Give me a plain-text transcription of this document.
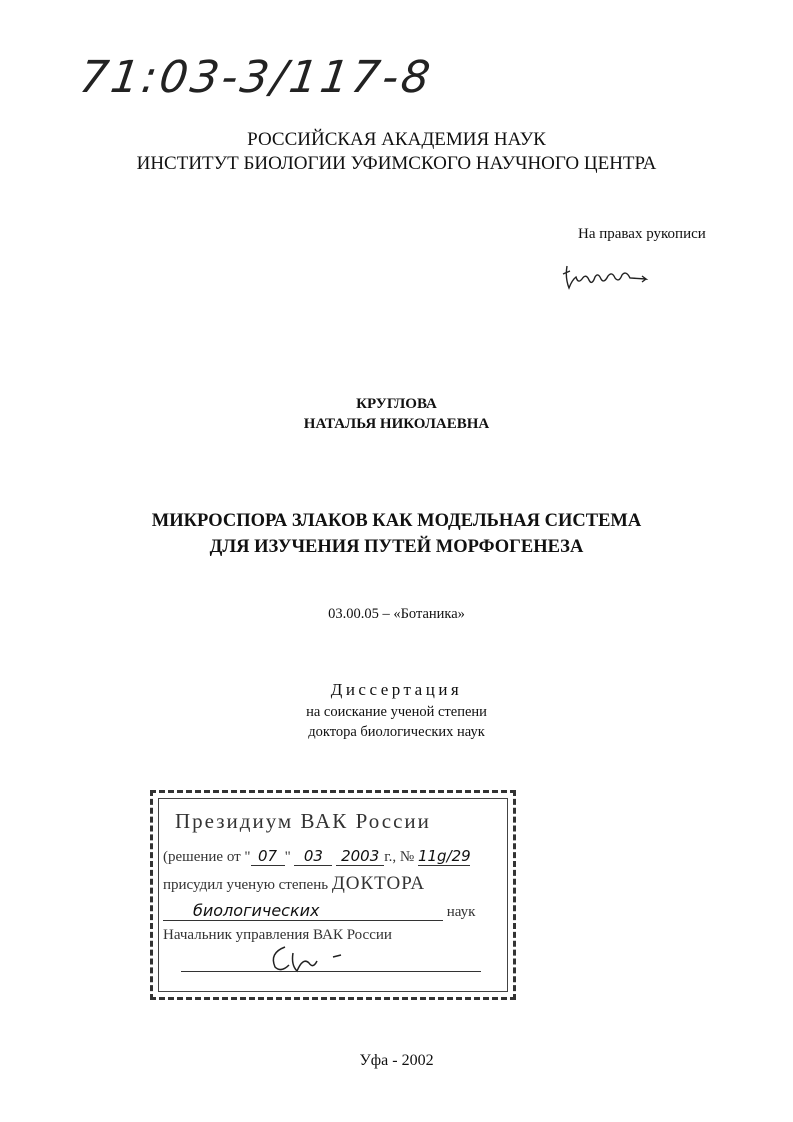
71:03-3/117-8
РОССИЙСКАЯ АКАДЕМИЯ НАУК
ИНСТИТУТ БИОЛОГИИ УФИМСКОГО НАУЧНОГО ЦЕНТРА
На правах рукописи
КРУГЛОВА
НАТАЛЬЯ НИКОЛАЕВНА
МИКРОСПОРА ЗЛАКОВ КАК МОДЕЛЬНАЯ СИСТЕМА
ДЛЯ ИЗУЧЕНИЯ ПУТЕЙ МОРФОГЕНЕЗА
03.00.05 – «Ботаника»
Диссертация
на соискание ученой степени
доктора биологических наук
Президиум ВАК России
(решение от " 07 " 03 2003 г., № 11g/29
присудил ученую степень ДОКТОРА
биологических	наук
Начальник управления ВАК России
Уфа - 2002
